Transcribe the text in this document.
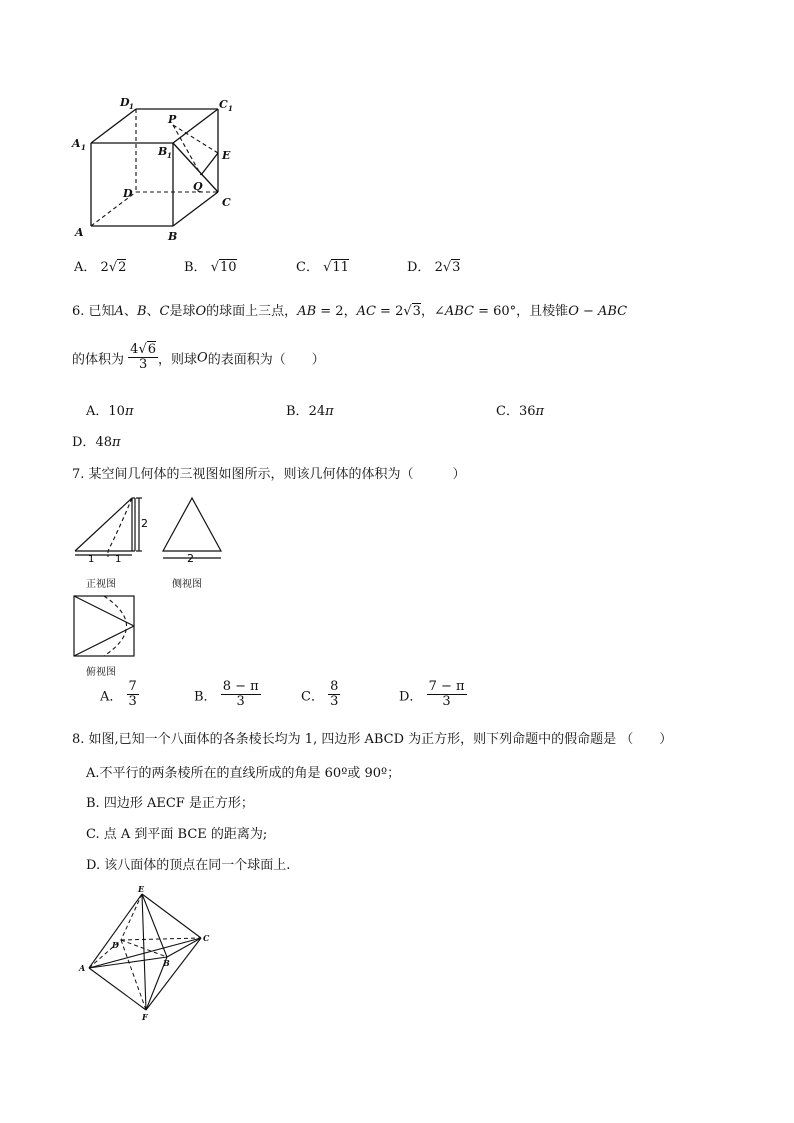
D 1	C 1
A 1	B 1
P
E
D
Q
C
A	B
A． 2√2	B． √10	C． √11	D． 2√3
6. 已知A、B、C是球O的球面上三点，AB = 2，AC = 2√3，∠ABC = 60°，且棱锥O − ABC
的体积为 $\frac{4√6}{3}$ ，则球O的表面积为（　　）
A．10π	B．24π	C．36π
D．48π
7. 某空间几何体的三视图如图所示，则该几何体的体积为（　　　）
2
1 1
正视图
2
侧视图
俯视图
A． $\frac{7}{3}$	B． $\frac{8 - \pi}{3}$	C． $\frac{8}{3}$	D． $\frac{7 - \pi}{3}$
8. 如图,已知一个八面体的各条棱长均为 1, 四边形 ABCD 为正方形，则下列命题中的假命题是 （　　）
A.不平行的两条棱所在的直线所成的角是 60º或 90º；
B. 四边形 AECF 是正方形；
C. 点 A 到平面 BCE 的距离为;
D. 该八面体的顶点在同一个球面上.
E
D
C
A	B
F
